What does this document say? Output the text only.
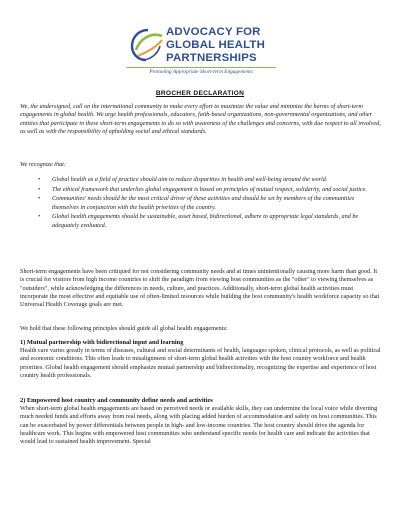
ADVOCACY FOR
GLOBAL HEALTH
PARTNERSHIPS
Promoting Appropriate Short-term Engagements
BROCHER DECLARATION
We, the undersigned, call on the international community to make every effort to maximize the value and minimize the harms of short-term engagements in global health. We urge health professionals, educators, faith-based organizations, non-governmental organizations, and other entities that participate in these short-term engagements to do so with awareness of the challenges and concerns, with due respect to all involved, as well as with the responsibility of upholding social and ethical standards.
We recognize that:
• Global health as a field of practice should aim to reduce disparities in health and well-being around the world.
• The ethical framework that underlies global engagement is based on principles of mutual respect, solidarity, and social justice.
• Communities' needs should be the most critical driver of these activities and should be set by members of the communities themselves in conjunction with the health priorities of the country.
• Global health engagements should be sustainable, asset based, bidirectional, adhere to appropriate legal standards, and be adequately evaluated.
Short-term engagements have been critiqued for not considering community needs and at times unintentionally causing more harm than good. It is crucial for visitors from high income countries to shift the paradigm from viewing host communities as the "other" to viewing themselves as "outsiders", while acknowledging the differences in needs, culture, and practices. Additionally, short-term global health activities must incorporate the most effective and equitable use of often-limited resources while building the host community's health workforce capacity so that Universal Health Coverage goals are met.
We hold that these following principles should guide all global health engagements:
1) Mutual partnership with bidirectional input and learning
Health care varies greatly in terms of diseases, cultural and social determinants of health, languages spoken, clinical protocols, as well as political and economic conditions. This often leads to misalignment of short-term global health activities with the host country workforce and health priorities. Global health engagement should emphasize mutual partnership and bidirectionality, recognizing the expertise and experience of host country health professionals.
2) Empowered host country and community define needs and activities
When short-term global health engagements are based on perceived needs or available skills, they can undermine the local voice while diverting much needed funds and efforts away from real needs, along with placing added burden of accommodation and safety on host communities. This can be exacerbated by power differentials between people in high- and low-income countries. The host country should drive the agenda for healthcare work. This begins with empowered host communities who understand specific needs for health care and indicate the activities that would lead to sustained health improvement. Special
